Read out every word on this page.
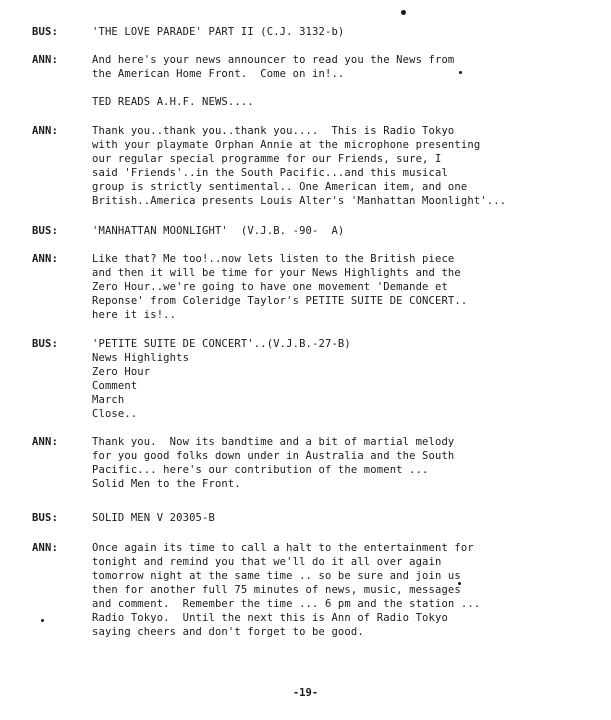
BUS:	'THE LOVE PARADE' PART II (C.J. 3132-b)
ANN:	And here's your news announcer to read you the News from
the American Home Front.  Come on in!..
TED READS A.H.F. NEWS....
ANN:	Thank you..thank you..thank you....  This is Radio Tokyo
with your playmate Orphan Annie at the microphone presenting
our regular special programme for our Friends, sure, I
said 'Friends'..in the South Pacific...and this musical
group is strictly sentimental.. One American item, and one
British..America presents Louis Alter's 'Manhattan Moonlight'...
BUS:	'MANHATTAN MOONLIGHT'  (V.J.B. -90-  A)
ANN:	Like that? Me too!..now lets listen to the British piece
and then it will be time for your News Highlights and the
Zero Hour..we're going to have one movement 'Demande et
Reponse' from Coleridge Taylor's PETITE SUITE DE CONCERT..
here it is!..
BUS:	'PETITE SUITE DE CONCERT'..(V.J.B.-27-B)
News Highlights
Zero Hour
Comment
March
Close..
ANN:	Thank you.  Now its bandtime and a bit of martial melody
for you good folks down under in Australia and the South
Pacific... here's our contribution of the moment ...
Solid Men to the Front.
BUS:	SOLID MEN V 20305-B
ANN:	Once again its time to call a halt to the entertainment for
tonight and remind you that we'll do it all over again
tomorrow night at the same time .. so be sure and join us
then for another full 75 minutes of news, music, messages
and comment.  Remember the time ... 6 pm and the station ...
Radio Tokyo.  Until the next this is Ann of Radio Tokyo
saying cheers and don't forget to be good.
-19-
